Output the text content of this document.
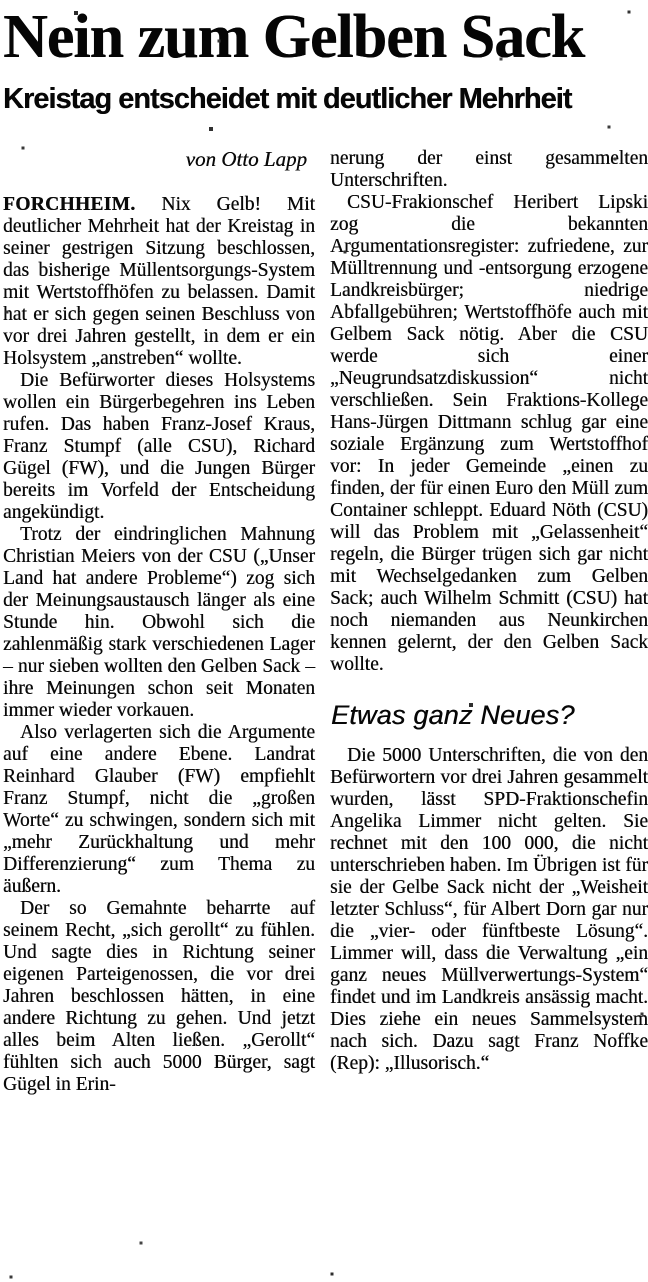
Nein zum Gelben Sack
Kreistag entscheidet mit deutlicher Mehrheit

von Otto Lapp

FORCHHEIM. Nix Gelb! Mit deutlicher Mehrheit hat der Kreistag in seiner gestrigen Sitzung beschlossen, das bisherige Müllentsorgungs-System mit Wertstoffhöfen zu belassen. Damit hat er sich gegen seinen Beschluss von vor drei Jahren gestellt, in dem er ein Holsystem „anstreben“ wollte.

Die Befürworter dieses Holsystems wollen ein Bürgerbegehren ins Leben rufen. Das haben Franz-Josef Kraus, Franz Stumpf (alle CSU), Richard Gügel (FW), und die Jungen Bürger bereits im Vorfeld der Entscheidung angekündigt.

Trotz der eindringlichen Mahnung Christian Meiers von der CSU („Unser Land hat andere Probleme“) zog sich der Meinungsaustausch länger als eine Stunde hin. Obwohl sich die zahlenmäßig stark verschiedenen Lager – nur sieben wollten den Gelben Sack – ihre Meinungen schon seit Monaten immer wieder vorkauen.

Also verlagerten sich die Argumente auf eine andere Ebene. Landrat Reinhard Glauber (FW) empfiehlt Franz Stumpf, nicht die „großen Worte“ zu schwingen, sondern sich mit „mehr Zurückhaltung und mehr Differenzierung“ zum Thema zu äußern.

Der so Gemahnte beharrte auf seinem Recht, „sich gerollt“ zu fühlen. Und sagte dies in Richtung seiner eigenen Parteigenossen, die vor drei Jahren beschlossen hätten, in eine andere Richtung zu gehen. Und jetzt alles beim Alten ließen. „Gerollt“ fühlten sich auch 5000 Bürger, sagt Gügel in Erin-

nerung der einst gesammelten Unterschriften.

CSU-Frakionschef Heribert Lipski zog die bekannten Argumentationsregister: zufriedene, zur Mülltrennung und -entsorgung erzogene Landkreisbürger; niedrige Abfallgebühren; Wertstoffhöfe auch mit Gelbem Sack nötig. Aber die CSU werde sich einer „Neugrundsatzdiskussion“ nicht verschließen. Sein Fraktions-Kollege Hans-Jürgen Dittmann schlug gar eine soziale Ergänzung zum Wertstoffhof vor: In jeder Gemeinde „einen zu finden, der für einen Euro den Müll zum Container schleppt. Eduard Nöth (CSU) will das Problem mit „Gelassenheit“ regeln, die Bürger trügen sich gar nicht mit Wechselgedanken zum Gelben Sack; auch Wilhelm Schmitt (CSU) hat noch niemanden aus Neunkirchen kennen gelernt, der den Gelben Sack wollte.

Etwas ganz Neues?

Die 5000 Unterschriften, die von den Befürwortern vor drei Jahren gesammelt wurden, lässt SPD-Fraktionschefin Angelika Limmer nicht gelten. Sie rechnet mit den 100 000, die nicht unterschrieben haben. Im Übrigen ist für sie der Gelbe Sack nicht der „Weisheit letzter Schluss“, für Albert Dorn gar nur die „vier- oder fünftbeste Lösung“. Limmer will, dass die Verwaltung „ein ganz neues Müllverwertungs-System“ findet und im Landkreis ansässig macht. Dies ziehe ein neues Sammelsystem nach sich. Dazu sagt Franz Noffke (Rep): „Illusorisch.“
